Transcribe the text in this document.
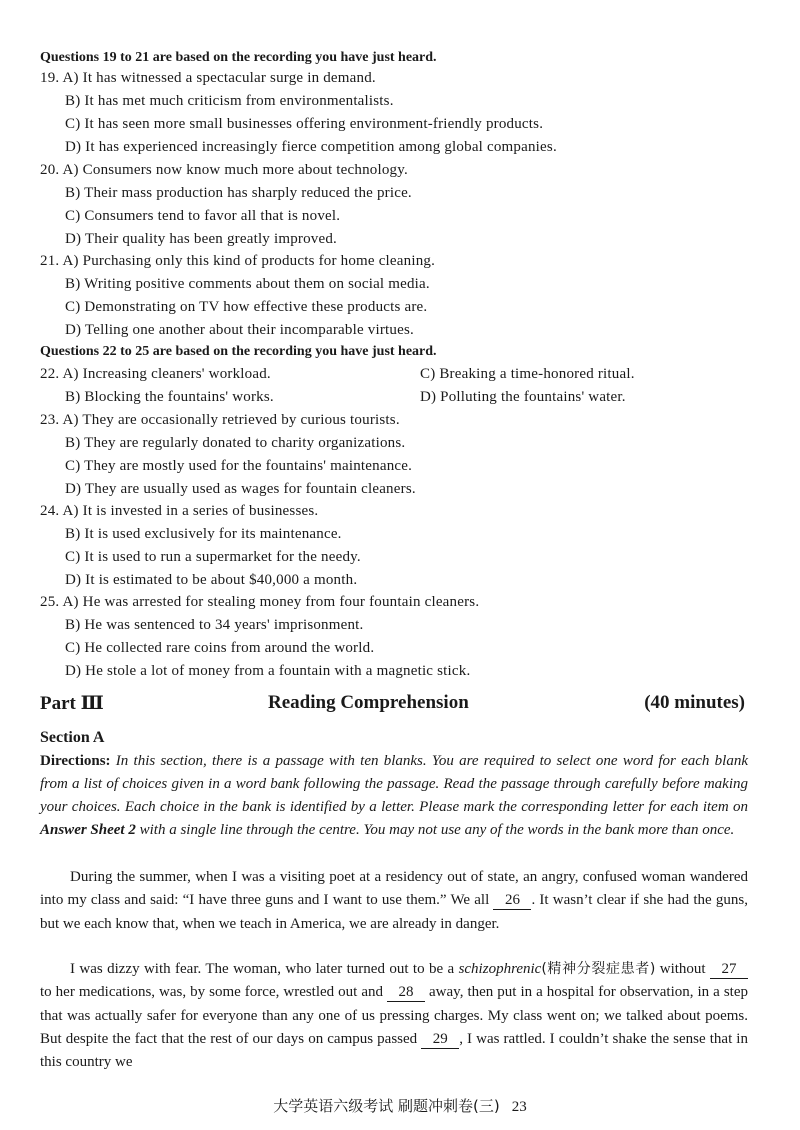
Questions 19 to 21 are based on the recording you have just heard.
19. A) It has witnessed a spectacular surge in demand.
B) It has met much criticism from environmentalists.
C) It has seen more small businesses offering environment-friendly products.
D) It has experienced increasingly fierce competition among global companies.
20. A) Consumers now know much more about technology.
B) Their mass production has sharply reduced the price.
C) Consumers tend to favor all that is novel.
D) Their quality has been greatly improved.
21. A) Purchasing only this kind of products for home cleaning.
B) Writing positive comments about them on social media.
C) Demonstrating on TV how effective these products are.
D) Telling one another about their incomparable virtues.
Questions 22 to 25 are based on the recording you have just heard.
22. A) Increasing cleaners' workload.	C) Breaking a time-honored ritual.
B) Blocking the fountains' works.	D) Polluting the fountains' water.
23. A) They are occasionally retrieved by curious tourists.
B) They are regularly donated to charity organizations.
C) They are mostly used for the fountains' maintenance.
D) They are usually used as wages for fountain cleaners.
24. A) It is invested in a series of businesses.
B) It is used exclusively for its maintenance.
C) It is used to run a supermarket for the needy.
D) It is estimated to be about $40,000 a month.
25. A) He was arrested for stealing money from four fountain cleaners.
B) He was sentenced to 34 years' imprisonment.
C) He collected rare coins from around the world.
D) He stole a lot of money from a fountain with a magnetic stick.
Part Ⅲ	Reading Comprehension	(40 minutes)
Section A
Directions: In this section, there is a passage with ten blanks. You are required to select one word for each blank from a list of choices given in a word bank following the passage. Read the passage through carefully before making your choices. Each choice in the bank is identified by a letter. Please mark the corresponding letter for each item on Answer Sheet 2 with a single line through the centre. You may not use any of the words in the bank more than once.
During the summer, when I was a visiting poet at a residency out of state, an angry, confused woman wandered into my class and said: “I have three guns and I want to use them.” We all 26 . It wasn’t clear if she had the guns, but we each know that, when we teach in America, we are already in danger.
I was dizzy with fear. The woman, who later turned out to be a schizophrenic(精神分裂症患者) without 27 to her medications, was, by some force, wrestled out and 28 away, then put in a hospital for observation, in a step that was actually safer for everyone than any one of us pressing charges. My class went on; we talked about poems. But despite the fact that the rest of our days on campus passed 29 , I was rattled. I couldn’t shake the sense that in this country we
大学英语六级考试 刷题冲刺卷(三) 23
